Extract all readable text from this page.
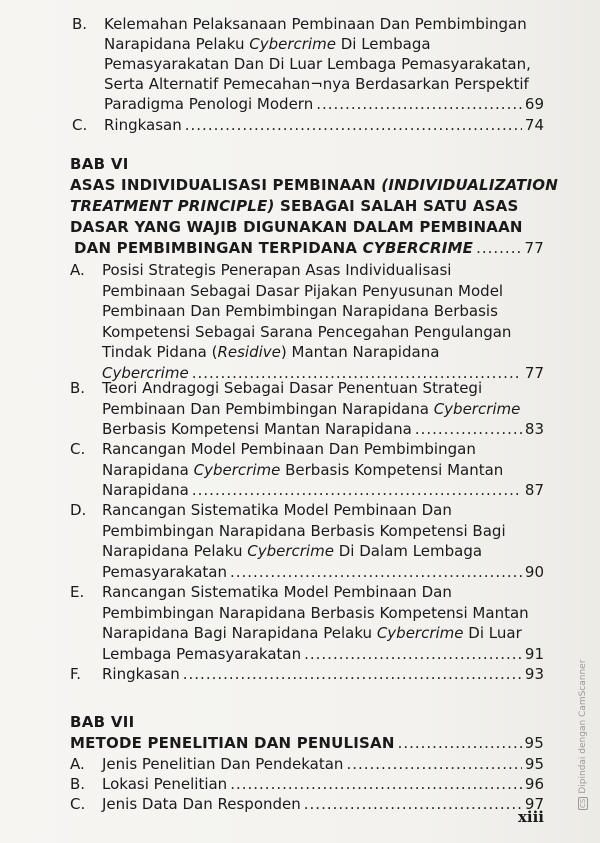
B. Kelemahan Pelaksanaan Pembinaan Dan Pembimbingan
Narapidana Pelaku Cybercrime Di Lembaga
Pemasyarakatan Dan Di Luar Lembaga Pemasyarakatan,
Serta Alternatif Pemecahan¬nya Berdasarkan Perspektif
Paradigma Penologi Modern .....	69
C. Ringkasan .....	74
BAB VI
ASAS INDIVIDUALISASI PEMBINAAN (INDIVIDUALIZATION
TREATMENT PRINCIPLE) SEBAGAI SALAH SATU ASAS
DASAR YANG WAJIB DIGUNAKAN DALAM PEMBINAAN
DAN PEMBIMBINGAN TERPIDANA CYBERCRIME .....	77
A. Posisi Strategis Penerapan Asas Individualisasi
Pembinaan Sebagai Dasar Pijakan Penyusunan Model
Pembinaan Dan Pembimbingan Narapidana Berbasis
Kompetensi Sebagai Sarana Pencegahan Pengulangan
Tindak Pidana (Residive) Mantan Narapidana
Cybercrime .....	77
B. Teori Andragogi Sebagai Dasar Penentuan Strategi
Pembinaan Dan Pembimbingan Narapidana Cybercrime
Berbasis Kompetensi Mantan Narapidana .....	83
C. Rancangan Model Pembinaan Dan Pembimbingan
Narapidana Cybercrime Berbasis Kompetensi Mantan
Narapidana .....	87
D. Rancangan Sistematika Model Pembinaan Dan
Pembimbingan Narapidana Berbasis Kompetensi Bagi
Narapidana Pelaku Cybercrime Di Dalam Lembaga
Pemasyarakatan .....	90
E. Rancangan Sistematika Model Pembinaan Dan
Pembimbingan Narapidana Berbasis Kompetensi Mantan
Narapidana Bagi Narapidana Pelaku Cybercrime Di Luar
Lembaga Pemasyarakatan .....	91
F. Ringkasan .....	93
BAB VII
METODE PENELITIAN DAN PENULISAN .....	95
A. Jenis Penelitian Dan Pendekatan .....	95
B. Lokasi Penelitian .....	96
C. Jenis Data Dan Responden .....	97
xiii
CSDipindai dengan CamScanner
